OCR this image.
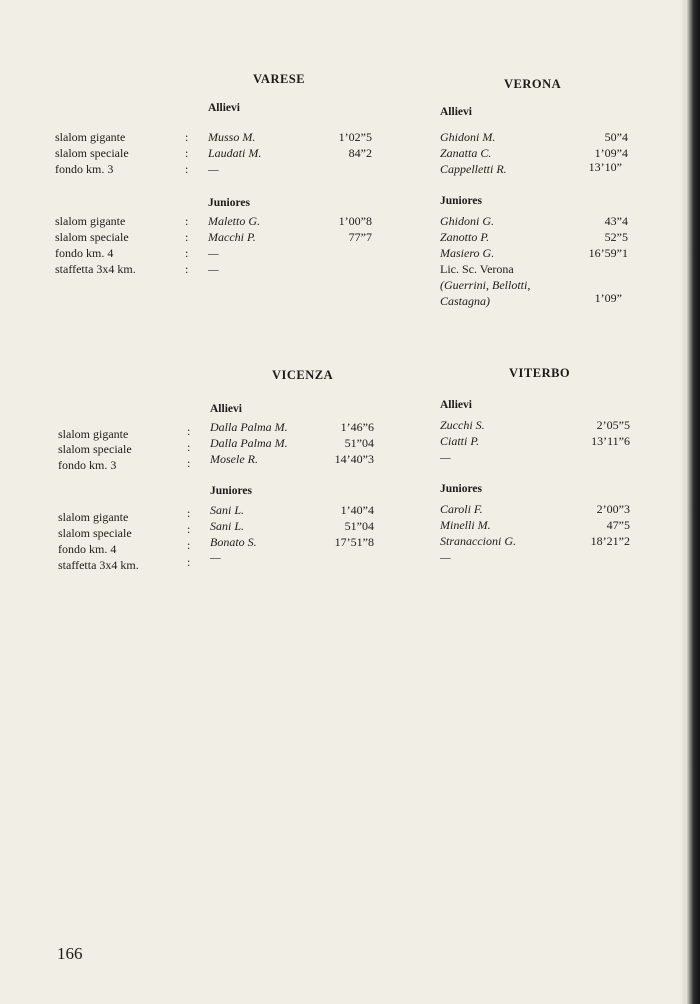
VARESE
Allievi
slalom gigante	: Musso M.	1’02”5
slalom speciale	: Laudati M.	84”2
fondo km. 3	: —
Juniores
slalom gigante	: Maletto G.	1’00”8
slalom speciale	: Macchi P.	77”7
fondo km. 4	: —
staffetta 3x4 km.	: —
VERONA
Allievi
Ghidoni M.	50”4
Zanatta C.	1’09”4
Cappelletti R.	13’10”
Juniores
Ghidoni G.	43”4
Zanotto P.	52”5
Masiero G.	16’59”1
Lic. Sc. Verona
(Guerrini, Bellotti,
Castagna)	1’09”
VICENZA
Allievi
slalom gigante	: Dalla Palma M.	1’46”6
slalom speciale	: Dalla Palma M.	51”04
fondo km. 3	: Mosele R.	14’40”3
Juniores
slalom gigante	: Sani L.	1’40”4
slalom speciale	: Sani L.	51”04
fondo km. 4	: Bonato S.	17’51”8
staffetta 3x4 km.	: —
VITERBO
Allievi
Zucchi S.	2’05”5
Ciatti P.	13’11”6
—
Juniores
Caroli F.	2’00”3
Minelli M.	47”5
Stranaccioni G.	18’21”2
—
166
